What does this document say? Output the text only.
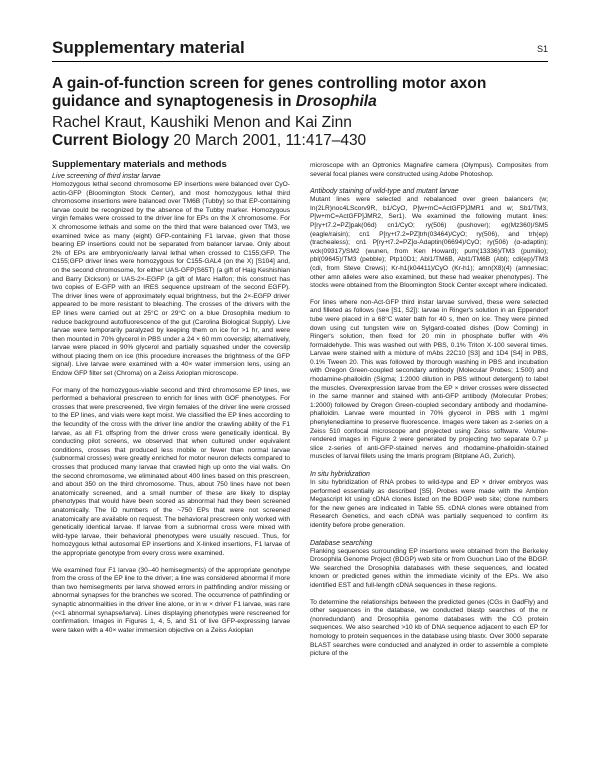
Supplementary material	S1
A gain-of-function screen for genes controlling motor axon guidance and synaptogenesis in Drosophila
Rachel Kraut, Kaushiki Menon and Kai Zinn
Current Biology 20 March 2001, 11:417–430
Supplementary materials and methods
Live screening of third instar larvae

Homozygous lethal second chromosome EP insertions were balanced over CyO-actin-GFP (Bloomington Stock Center), and most homozygous lethal third chromosome insertions were balanced over TM6B (Tubby) so that EP-containing larvae could be recognized by the absence of the Tubby marker. Homozygous virgin females were crossed to the driver line for EPs on the X chromosome. For X chromosome lethals and some on the third that were balanced over TM3, we examined twice as many (eight) GFP-containing F1 larvae, given that those bearing EP insertions could not be separated from balancer larvae. Only about 2% of EPs are embryonic/early larval lethal when crossed to C155;GFP. The C155;GFP driver lines were homozygous for C155-GAL4 (on the X) [S104] and, on the second chromosome, for either UAS-GFP(S65T) (a gift of Haig Keshishian and Barry Dickson) or UAS-2×-EGFP (a gift of Marc Halfon; this construct has two copies of E-GFP with an IRES sequence upstream of the second EGFP). The driver lines were of approximately equal brightness, but the 2×-EGFP driver appeared to be more resistant to bleaching. The crosses of the drivers with the EP lines were carried out at 25°C or 29°C on a blue Drosophila medium to reduce background autofluorescence of the gut (Carolina Biological Supply). Live larvae were temporarily paralyzed by keeping them on ice for >1 hr, and were then mounted in 70% glycerol in PBS under a 24 × 60 mm coverslip; alternatively, larvae were placed in 90% glycerol and partially squashed under the coverslip without placing them on ice (this procedure increases the brightness of the GFP signal). Live larvae were examined with a 40× water immersion lens, using an Endow GFP filter set (Chroma) on a Zeiss Axioplan microscope.

For many of the homozygous-viable second and third chromosome EP lines, we performed a behavioral prescreen to enrich for lines with GOF phenotypes. For crosses that were prescreened, five virgin females of the driver line were crossed to the EP lines, and vials were kept moist. We classified the EP lines according to the fecundity of the cross with the driver line and/or the crawling ability of the F1 larvae, as all F1 offspring from the driver cross were genetically identical. By conducting pilot screens, we observed that when cultured under equivalent conditions, crosses that produced less mobile or fewer than normal larvae (subnormal crosses) were greatly enriched for motor neuron defects compared to crosses that produced many larvae that crawled high up onto the vial walls. On the second chromosome, we eliminated about 400 lines based on this prescreen, and about 350 on the third chromosome. Thus, about 750 lines have not been anatomically screened, and a small number of these are likely to display phenotypes that would have been scored as abnormal had they been screened anatomically. The ID numbers of the ~750 EPs that were not screened anatomically are available on request. The behavioral prescreen only worked with genetically identical larvae. If larvae from a subnormal cross were mixed with wild-type larvae, their behavioral phenotypes were usually rescued. Thus, for homozygous lethal autosomal EP insertions and X-linked insertions, F1 larvae of the appropriate genotype from every cross were examined.

We examined four F1 larvae (30–40 hemisegments) of the appropriate genotype from the cross of the EP line to the driver; a line was considered abnormal if more than two hemisegments per larva showed errors in pathfinding and/or missing or abnormal synapses for the branches we scored. The occurrence of pathfinding or synaptic abnormalities in the driver line alone, or in w × driver F1 larvae, was rare (<<1 abnormal synapse/larva). Lines displaying phenotypes were rescreened for confirmation. Images in Figures 1, 4, 5, and S1 of live GFP-expressing larvae were taken with a 40× water immersion objective on a Zeiss Axioplan

microscope with an Optronics Magnafire camera (Olympus). Composites from several focal planes were constructed using Adobe Photoshop.

Antibody staining of wild-type and mutant larvae

Mutant lines were selected and rebalanced over green balancers (w; In(2LR)noc4LScorv9R, b1/CyO, P[w+mC=ActGFP]JMR1 and w; Sb1/TM3, P[w+mC=ActGFP]JMR2, Ser1). We examined the following mutant lines: P[ry+t7.2=PZ]pak(06d) cn1/CyO; ry(506) (pushover); eg(Mz360)/SM5 (eagle/raisin); cn1 P[ry+t7.2=PZ]trh(03464)/CyO; ry(506), and trh(ep) (trachealess); cn1 P[ry+t7.2=PZ]α-Adaptin(06694)/CyO; ry(506) (α-adaptin); wck(09317)/SM2 (wunen, from Ken Howard); pum(13336)/TM3 (pumilio); pbl(09645)/TM3 (pebble); Ptp10D1; Abl1/TM6B, Abl1/TM6B (Abl); cdi(ep)/TM3 (cdi, from Steve Crews); Kr-h1(k04411)/CyO (Kr-h1); amn(X8)(4) (amnesiac; other amn alleles were also examined, but these had weaker phenotypes). The stocks were obtained from the Bloomington Stock Center except where indicated.

For lines where non-Act-GFP third instar larvae survived, these were selected and filleted as follows (see [S1, S2]): larvae in Ringer's solution in an Eppendorf tube were placed in a 68°C water bath for 40 s, then on ice. They were pinned down using cut tungsten wire on Sylgard-coated dishes (Dow Corning) in Ringer's solution, then fixed for 20 min in phosphate buffer with 4% formaldehyde. This was washed out with PBS, 0.1% Triton X-100 several times. Larvae were stained with a mixture of mAbs 22C10 [S3] and 1D4 [S4] in PBS, 0.1% Tween 20. This was followed by thorough washing in PBS and incubation with Oregon Green-coupled secondary antibody (Molecular Probes; 1:500) and rhodamine-phalloidin (Sigma; 1:2000 dilution in PBS without detergent) to label the muscles. Overexpression larvae from the EP × driver crosses were dissected in the same manner and stained with anti-GFP antibody (Molecular Probes; 1:2000) followed by Oregon Green-coupled secondary antibody and rhodamine-phalloidin. Larvae were mounted in 70% glycerol in PBS with 1 mg/ml phenylenediamine to preserve fluorescence. Images were taken as z-series on a Zeiss 510 confocal microscope and projected using Zeiss software. Volume-rendered images in Figure 2 were generated by projecting two separate 0.7 μ slice z-series of anti-GFP-stained nerves and rhodamine-phalloidin-stained muscles of larval fillets using the Imaris program (Bitplane AG, Zurich).

In situ hybridization

In situ hybridization of RNA probes to wild-type and EP × driver embryos was performed essentially as described [S5]. Probes were made with the Ambion Megascript kit using cDNA clones listed on the BDGP web site; clone numbers for the new genes are indicated in Table S5. cDNA clones were obtained from Research Genetics, and each cDNA was partially sequenced to confirm its identity before probe generation.

Database searching

Flanking sequences surrounding EP insertions were obtained from the Berkeley Drosophila Genome Project (BDGP) web site or from Guochun Liao of the BDGP. We searched the Drosophila databases with these sequences, and located known or predicted genes within the immediate vicinity of the EPs. We also identified EST and full-length cDNA sequences in these regions.

To determine the relationships between the predicted genes (CGs in GadFly) and other sequences in the database, we conducted blastp searches of the nr (nonredundant) and Drosophila genome databases with the CG protein sequences. We also searched >10 kb of DNA sequence adjacent to each EP for homology to protein sequences in the database using blastx. Over 3000 separate BLAST searches were conducted and analyzed in order to assemble a complete picture of the
